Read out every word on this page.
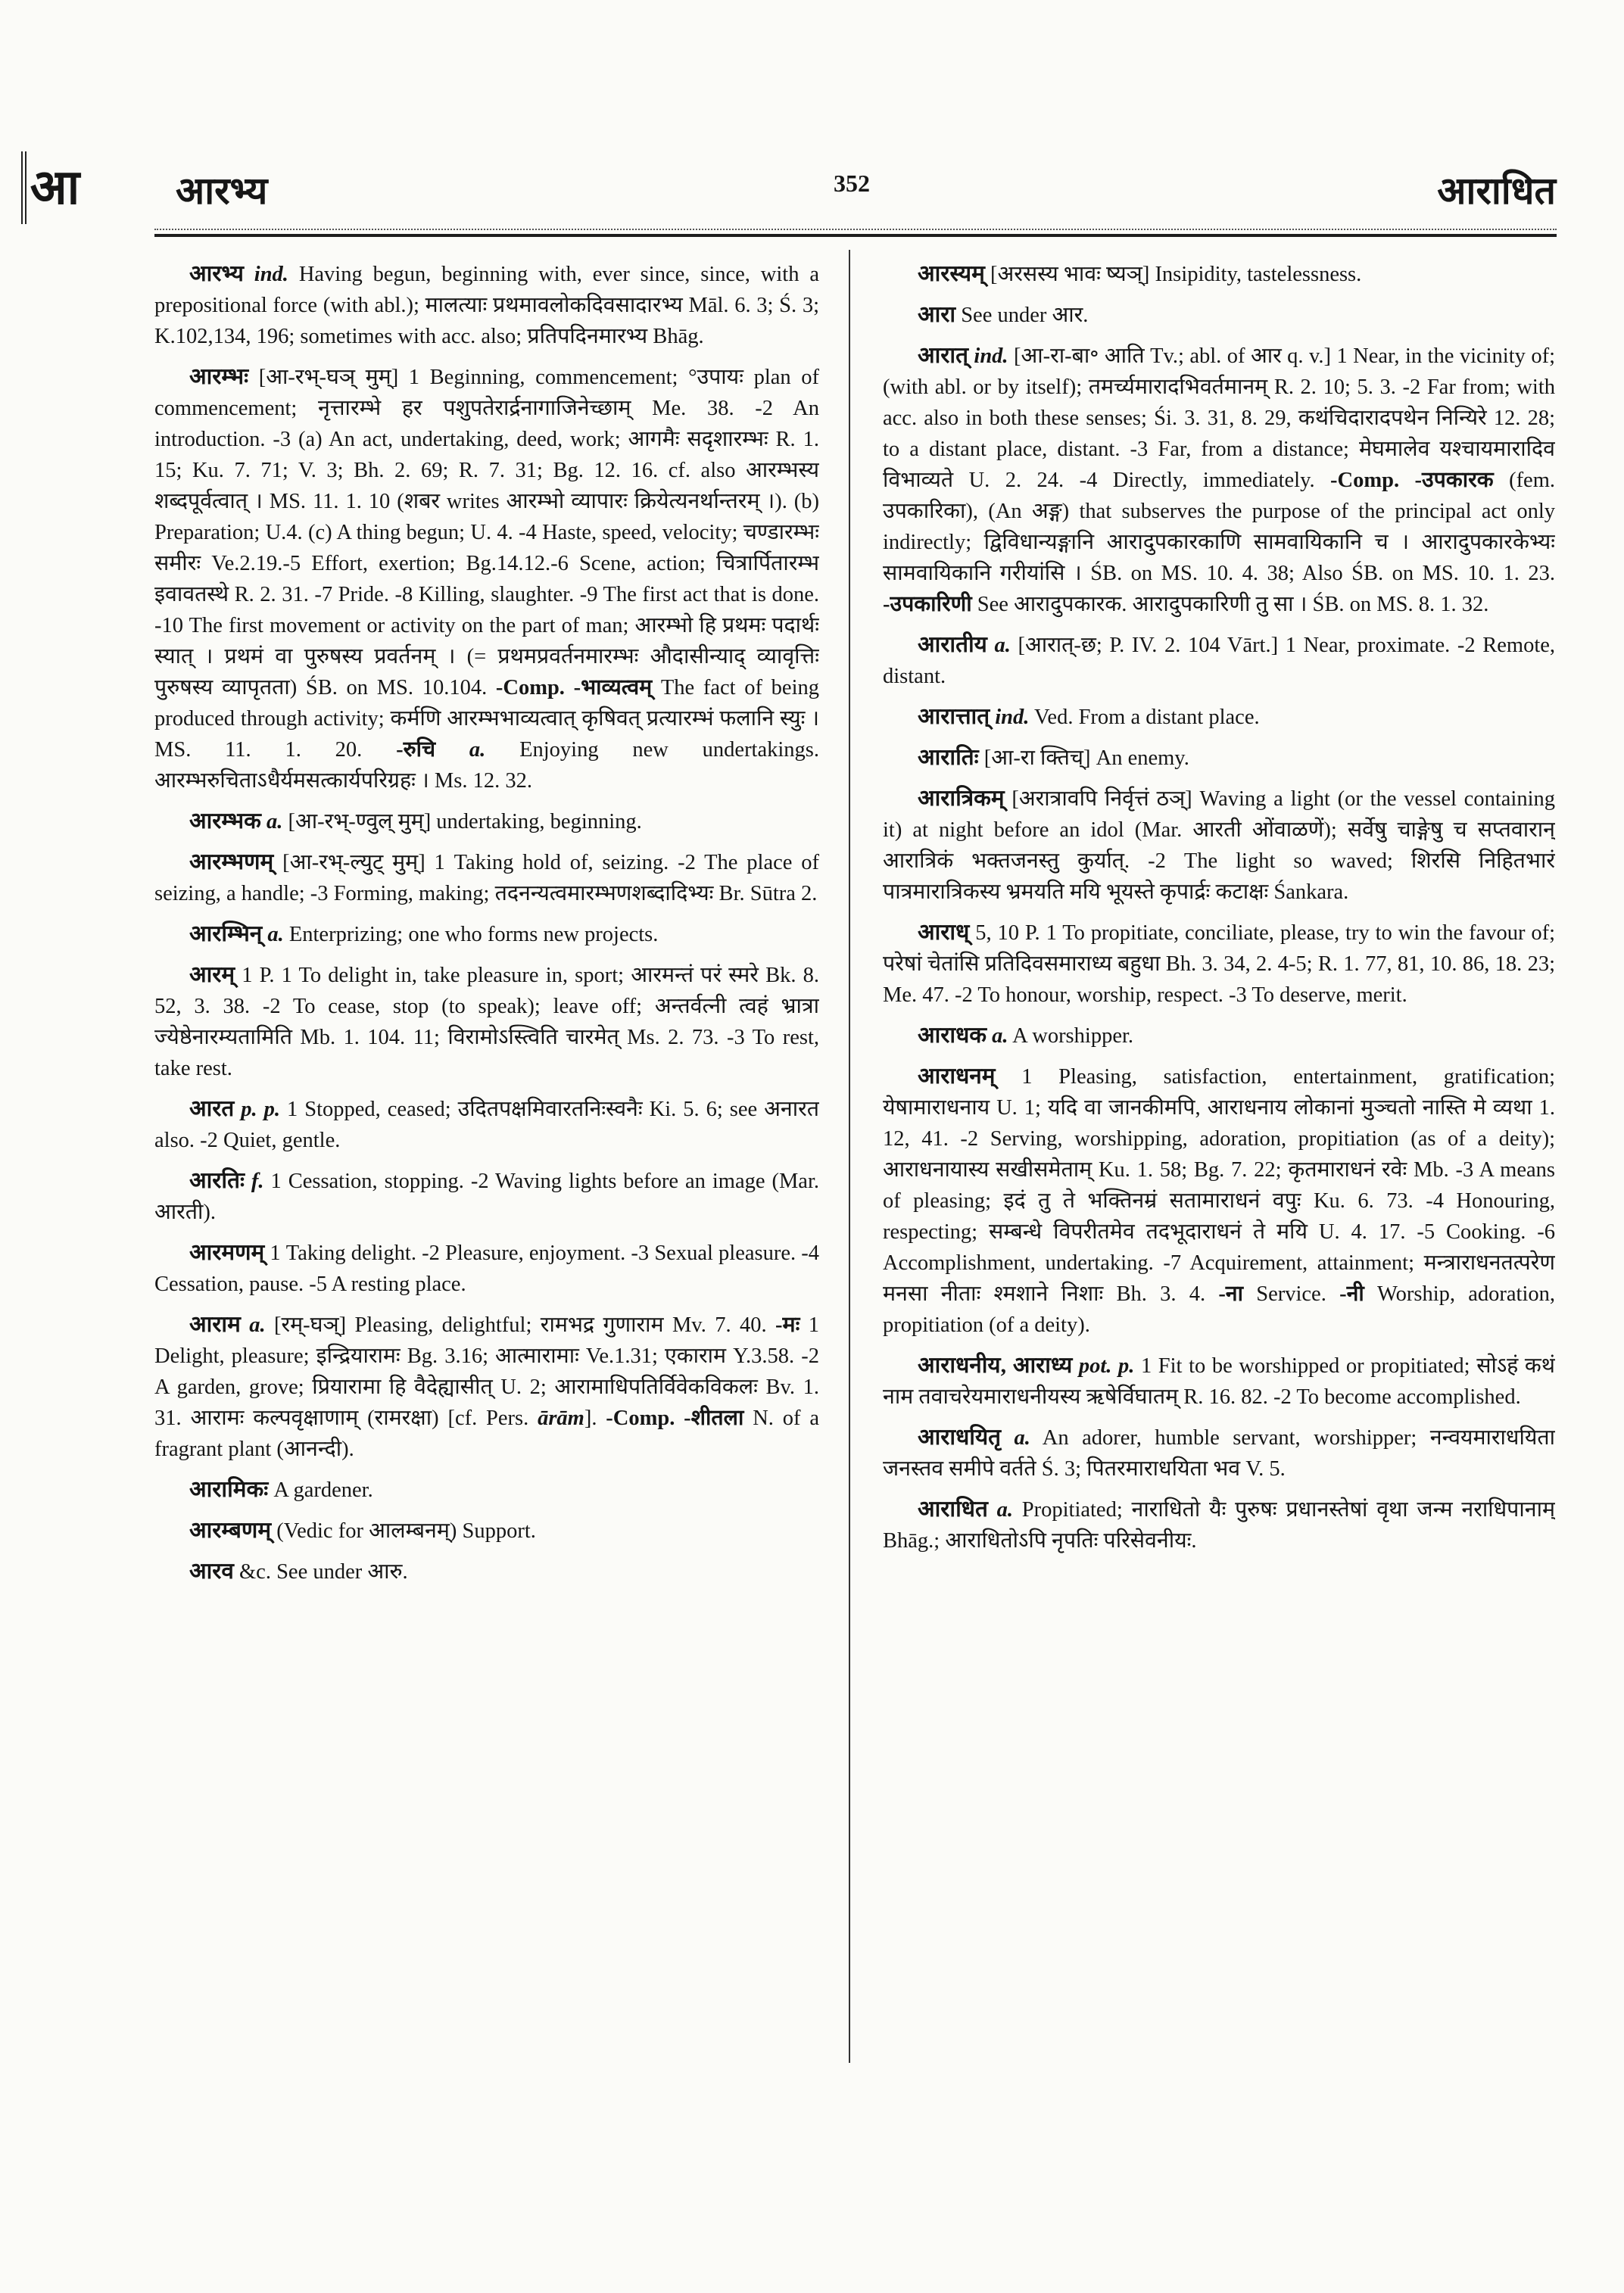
आ	आरभ्य	352	आराधित

आरभ्य ind. Having begun, beginning with, ever since, since, with a prepositional force (with abl.); मालत्याः प्रथमावलोकदिवसादारभ्य Māl. 6. 3; Ś. 3; K.102,134, 196; sometimes with acc. also; प्रतिपदिनमारभ्य Bhāg.

आरम्भः [आ-रभ्-घञ् मुम्] 1 Beginning, commencement; °उपायः plan of commencement; नृत्तारम्भे हर पशुपतेरार्द्रनागाजिनेच्छाम् Me. 38. -2 An introduction. -3 (a) An act, undertaking, deed, work; आगमैः सदृशारम्भः R. 1. 15; Ku. 7. 71; V. 3; Bh. 2. 69; R. 7. 31; Bg. 12. 16. cf. also आरम्भस्य शब्दपूर्वत्वात् । MS. 11. 1. 10 (शबर writes आरम्भो व्यापारः क्रियेत्यनर्थान्तरम् ।). (b) Preparation; U.4. (c) A thing begun; U. 4. -4 Haste, speed, velocity; चण्डारम्भः समीरः Ve.2.19.-5 Effort, exertion; Bg.14.12.-6 Scene, action; चित्रार्पितारम्भ इवावतस्थे R. 2. 31. -7 Pride. -8 Killing, slaughter. -9 The first act that is done. -10 The first movement or activity on the part of man; आरम्भो हि प्रथमः पदार्थः स्यात् । प्रथमं वा पुरुषस्य प्रवर्तनम् । (= प्रथमप्रवर्तनमारम्भः औदासीन्याद् व्यावृत्तिः पुरुषस्य व्यापृतता) ŚB. on MS. 10.104. -Comp. -भाव्यत्वम् The fact of being produced through activity; कर्मणि आरम्भभाव्यत्वात् कृषिवत् प्रत्यारम्भं फलानि स्युः । MS. 11. 1. 20. -रुचि a. Enjoying new undertakings. आरम्भरुचिताऽधैर्यमसत्कार्यपरिग्रहः । Ms. 12. 32.

आरम्भक a. [आ-रभ्-ण्वुल् मुम्] undertaking, beginning.

आरम्भणम् [आ-रभ्-ल्युट् मुम्] 1 Taking hold of, seizing. -2 The place of seizing, a handle; -3 Forming, making; तदनन्यत्वमारम्भणशब्दादिभ्यः Br. Sūtra 2.

आरम्भिन् a. Enterprizing; one who forms new projects.

आरम् 1 P. 1 To delight in, take pleasure in, sport; आरमन्तं परं स्मरे Bk. 8. 52, 3. 38. -2 To cease, stop (to speak); leave off; अन्तर्वत्नी त्वहं भ्रात्रा ज्येष्ठेनारम्यतामिति Mb. 1. 104. 11; विरामोऽस्त्विति चारमेत् Ms. 2. 73. -3 To rest, take rest.

आरत p. p. 1 Stopped, ceased; उदितपक्षमिवारतनिःस्वनैः Ki. 5. 6; see अनारत also. -2 Quiet, gentle.

आरतिः f. 1 Cessation, stopping. -2 Waving lights before an image (Mar. आरती).

आरमणम् 1 Taking delight. -2 Pleasure, enjoyment. -3 Sexual pleasure. -4 Cessation, pause. -5 A resting place.

आराम a. [रम्-घञ्] Pleasing, delightful; रामभद्र गुणाराम Mv. 7. 40. -मः 1 Delight, pleasure; इन्द्रियारामः Bg. 3.16; आत्मारामाः Ve.1.31; एकाराम Y.3.58. -2 A garden, grove; प्रियारामा हि वैदेह्यासीत् U. 2; आरामाधिपतिर्विवेकविकलः Bv. 1. 31. आरामः कल्पवृक्षाणाम् (रामरक्षा) [cf. Pers. ārām]. -Comp. -शीतला N. of a fragrant plant (आनन्दी).

आरामिकः A gardener.

आरम्बणम् (Vedic for आलम्बनम्) Support.

आरव &c. See under आरु.

आरस्यम् [अरसस्य भावः ष्यञ्] Insipidity, tastelessness.

आरा See under आर.

आरात् ind. [आ-रा-बा॰ आति Tv.; abl. of आर q. v.] 1 Near, in the vicinity of; (with abl. or by itself); तमर्च्यमारादभिवर्तमानम् R. 2. 10; 5. 3. -2 Far from; with acc. also in both these senses; Śi. 3. 31, 8. 29, कथंचिदारादपथेन निन्यिरे 12. 28; to a distant place, distant. -3 Far, from a distance; मेघमालेव यश्चायमारादिव विभाव्यते U. 2. 24. -4 Directly, immediately. -Comp. -उपकारक (fem. उपकारिका), (An अङ्ग) that subserves the purpose of the principal act only indirectly; द्विविधान्यङ्गानि आरादुपकारकाणि सामवायिकानि च । आरादुपकारकेभ्यः सामवायिकानि गरीयांसि । ŚB. on MS. 10. 4. 38; Also ŚB. on MS. 10. 1. 23. -उपकारिणी See आरादुपकारक. आरादुपकारिणी तु सा । ŚB. on MS. 8. 1. 32.

आरातीय a. [आरात्-छ; P. IV. 2. 104 Vārt.] 1 Near, proximate. -2 Remote, distant.

आरात्तात् ind. Ved. From a distant place.

आरातिः [आ-रा क्तिच्] An enemy.

आरात्रिकम् [अरात्रावपि निर्वृत्तं ठञ्] Waving a light (or the vessel containing it) at night before an idol (Mar. आरती ओंवाळणें); सर्वेषु चाङ्गेषु च सप्तवारान् आरात्रिकं भक्तजनस्तु कुर्यात्. -2 The light so waved; शिरसि निहितभारं पात्रमारात्रिकस्य भ्रमयति मयि भूयस्ते कृपार्द्रः कटाक्षः Śankara.

आराध् 5, 10 P. 1 To propitiate, conciliate, please, try to win the favour of; परेषां चेतांसि प्रतिदिवसमाराध्य बहुधा Bh. 3. 34, 2. 4-5; R. 1. 77, 81, 10. 86, 18. 23; Me. 47. -2 To honour, worship, respect. -3 To deserve, merit.

आराधक a. A worshipper.

आराधनम् 1 Pleasing, satisfaction, entertainment, gratification; येषामाराधनाय U. 1; यदि वा जानकीमपि, आराधनाय लोकानां मुञ्चतो नास्ति मे व्यथा 1. 12, 41. -2 Serving, worshipping, adoration, propitiation (as of a deity); आराधनायास्य सखीसमेताम् Ku. 1. 58; Bg. 7. 22; कृतमाराधनं रवेः Mb. -3 A means of pleasing; इदं तु ते भक्तिनम्रं सतामाराधनं वपुः Ku. 6. 73. -4 Honouring, respecting; सम्बन्धे विपरीतमेव तदभूदाराधनं ते मयि U. 4. 17. -5 Cooking. -6 Accomplishment, undertaking. -7 Acquirement, attainment; मन्त्राराधनतत्परेण मनसा नीताः श्मशाने निशाः Bh. 3. 4. -ना Service. -नी Worship, adoration, propitiation (of a deity).

आराधनीय, आराध्य pot. p. 1 Fit to be worshipped or propitiated; सोऽहं कथं नाम तवाचरेयमाराधनीयस्य ऋषेर्विघातम् R. 16. 82. -2 To become accomplished.

आराधयितृ a. An adorer, humble servant, worshipper; नन्वयमाराधयिता जनस्तव समीपे वर्तते Ś. 3; पितरमाराधयिता भव V. 5.

आराधित a. Propitiated; नाराधितो यैः पुरुषः प्रधानस्तेषां वृथा जन्म नराधिपानाम् Bhāg.; आराधितोऽपि नृपतिः परिसेवनीयः.
